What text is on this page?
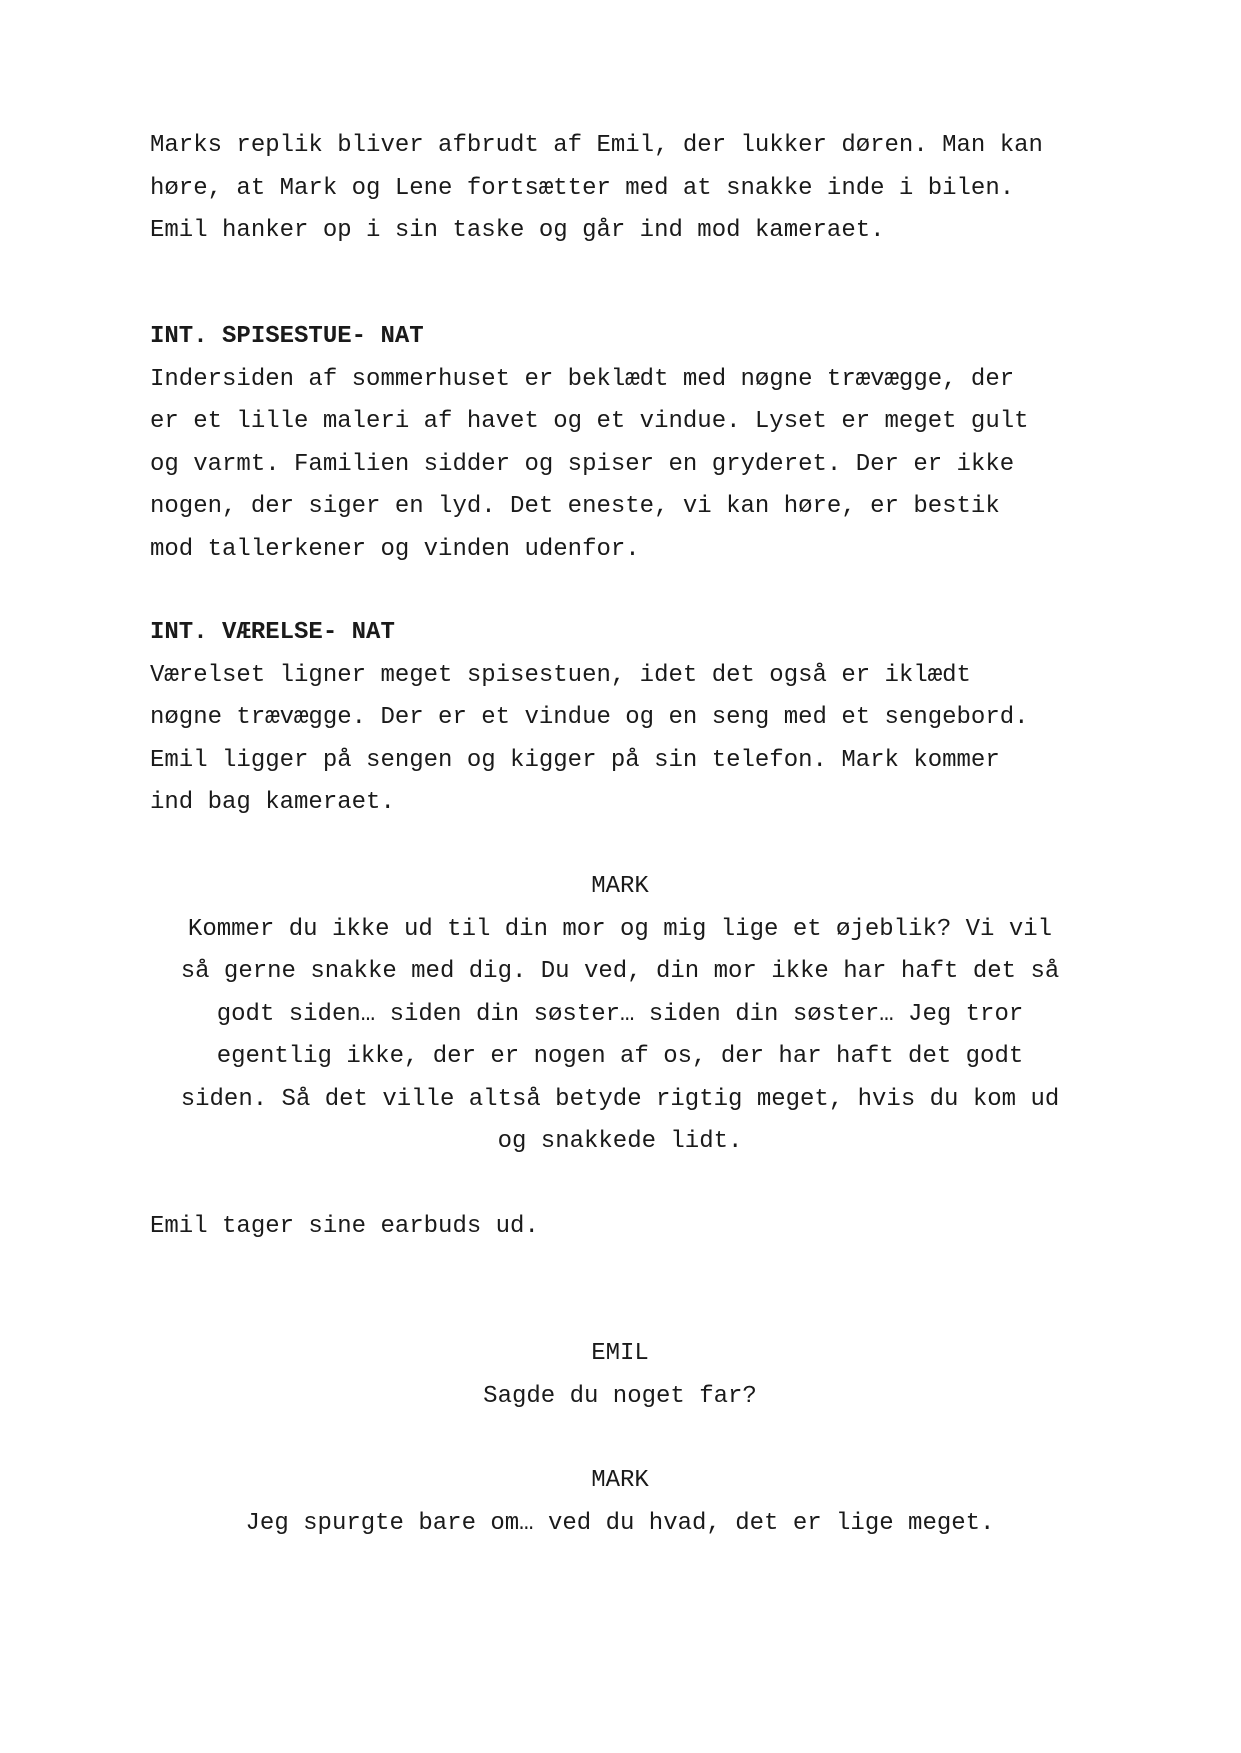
Marks replik bliver afbrudt af Emil, der lukker døren. Man kan
høre, at Mark og Lene fortsætter med at snakke inde i bilen.
Emil hanker op i sin taske og går ind mod kameraet.
INT. SPISESTUE- NAT
Indersiden af sommerhuset er beklædt med nøgne trævægge, der
er et lille maleri af havet og et vindue. Lyset er meget gult
og varmt. Familien sidder og spiser en gryderet. Der er ikke
nogen, der siger en lyd. Det eneste, vi kan høre, er bestik
mod tallerkener og vinden udenfor.
INT. VÆRELSE- NAT
Værelset ligner meget spisestuen, idet det også er iklædt
nøgne trævægge. Der er et vindue og en seng med et sengebord.
Emil ligger på sengen og kigger på sin telefon. Mark kommer
ind bag kameraet.
MARK
Kommer du ikke ud til din mor og mig lige et øjeblik? Vi vil
så gerne snakke med dig. Du ved, din mor ikke har haft det så
godt siden… siden din søster… siden din søster… Jeg tror
egentlig ikke, der er nogen af os, der har haft det godt
siden. Så det ville altså betyde rigtig meget, hvis du kom ud
og snakkede lidt.
Emil tager sine earbuds ud.
EMIL
Sagde du noget far?
MARK
Jeg spurgte bare om… ved du hvad, det er lige meget.
